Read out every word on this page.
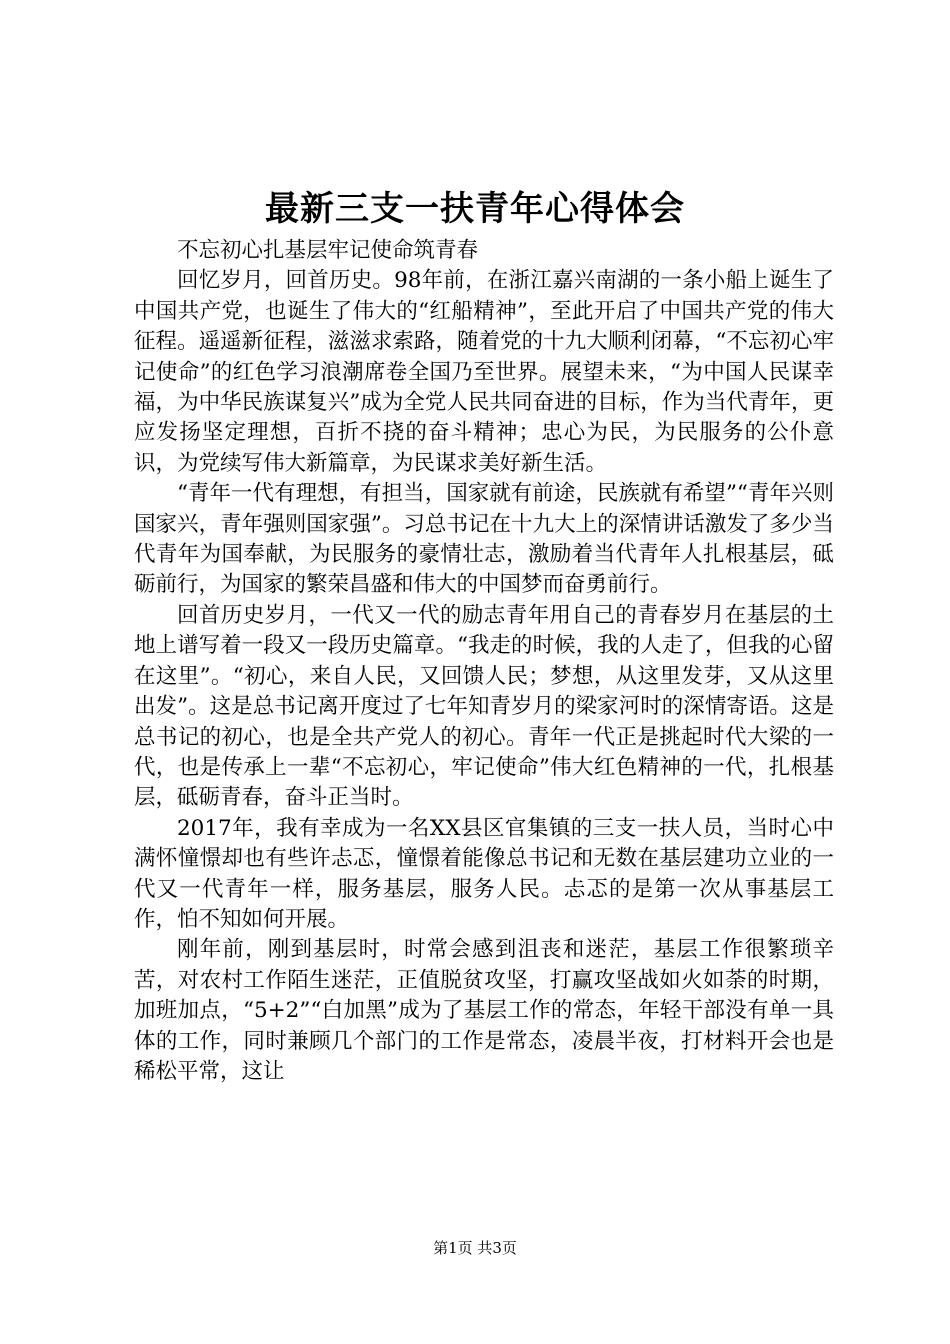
最新三支一扶青年心得体会

不忘初心扎基层牢记使命筑青春

回忆岁月，回首历史。98年前，在浙江嘉兴南湖的一条小船上诞生了中国共产党，也诞生了伟大的“红船精神”，至此开启了中国共产党的伟大征程。遥遥新征程，滋滋求索路，随着党的十九大顺利闭幕，“不忘初心牢记使命”的红色学习浪潮席卷全国乃至世界。展望未来，“为中国人民谋幸福，为中华民族谋复兴”成为全党人民共同奋进的目标，作为当代青年，更应发扬坚定理想，百折不挠的奋斗精神；忠心为民，为民服务的公仆意识，为党续写伟大新篇章，为民谋求美好新生活。

“青年一代有理想，有担当，国家就有前途，民族就有希望”“青年兴则国家兴，青年强则国家强”。习总书记在十九大上的深情讲话激发了多少当代青年为国奉献，为民服务的豪情壮志，激励着当代青年人扎根基层，砥砺前行，为国家的繁荣昌盛和伟大的中国梦而奋勇前行。

回首历史岁月，一代又一代的励志青年用自己的青春岁月在基层的土地上谱写着一段又一段历史篇章。“我走的时候，我的人走了，但我的心留在这里”。“初心，来自人民，又回馈人民；梦想，从这里发芽，又从这里出发”。这是总书记离开度过了七年知青岁月的梁家河时的深情寄语。这是总书记的初心，也是全共产党人的初心。青年一代正是挑起时代大梁的一代，也是传承上一辈“不忘初心，牢记使命”伟大红色精神的一代，扎根基层，砥砺青春，奋斗正当时。

2017年，我有幸成为一名XX县区官集镇的三支一扶人员，当时心中满怀憧憬却也有些许忐忑，憧憬着能像总书记和无数在基层建功立业的一代又一代青年一样，服务基层，服务人民。忐忑的是第一次从事基层工作，怕不知如何开展。

刚年前，刚到基层时，时常会感到沮丧和迷茫，基层工作很繁琐辛苦，对农村工作陌生迷茫，正值脱贫攻坚，打赢攻坚战如火如荼的时期，加班加点，“5+2”“白加黑”成为了基层工作的常态，年轻干部没有单一具体的工作，同时兼顾几个部门的工作是常态，凌晨半夜，打材料开会也是稀松平常，这让

第1页 共3页
